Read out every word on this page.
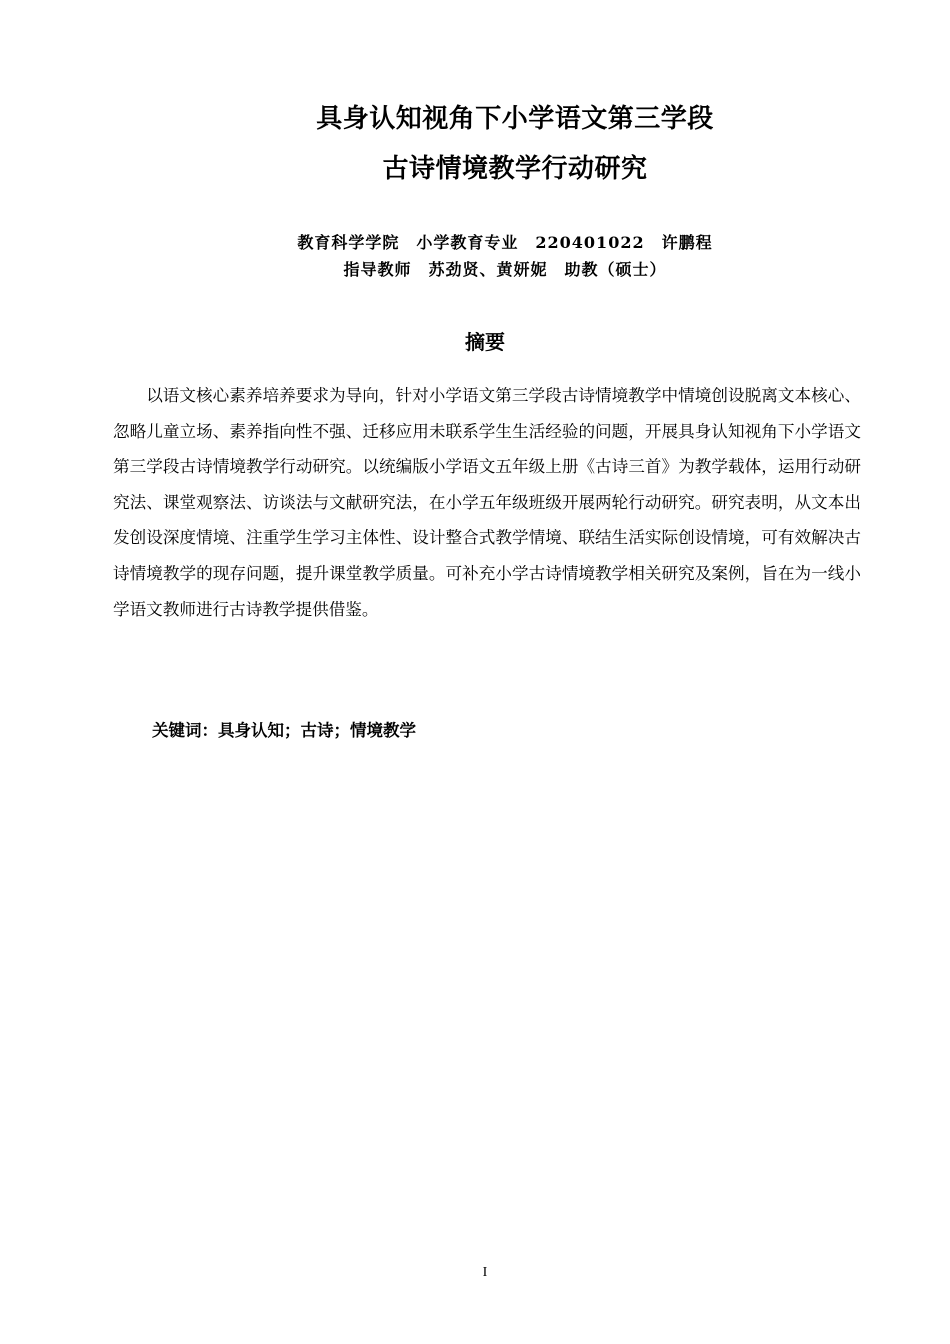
具身认知视角下小学语文第三学段
古诗情境教学行动研究
教育科学学院　小学教育专业　220401022　许鹏程
指导教师　苏劲贤、黄妍妮　助教（硕士）
摘要

以语文核心素养培养要求为导向，针对小学语文第三学段古诗情境教学中情境创设脱离文本核心、忽略儿童立场、素养指向性不强、迁移应用未联系学生生活经验的问题，开展具身认知视角下小学语文第三学段古诗情境教学行动研究。以统编版小学语文五年级上册《古诗三首》为教学载体，运用行动研究法、课堂观察法、访谈法与文献研究法，在小学五年级班级开展两轮行动研究。研究表明，从文本出发创设深度情境、注重学生学习主体性、设计整合式教学情境、联结生活实际创设情境，可有效解决古诗情境教学的现存问题，提升课堂教学质量。可补充小学古诗情境教学相关研究及案例，旨在为一线小学语文教师进行古诗教学提供借鉴。

关键词：具身认知；古诗；情境教学
I
